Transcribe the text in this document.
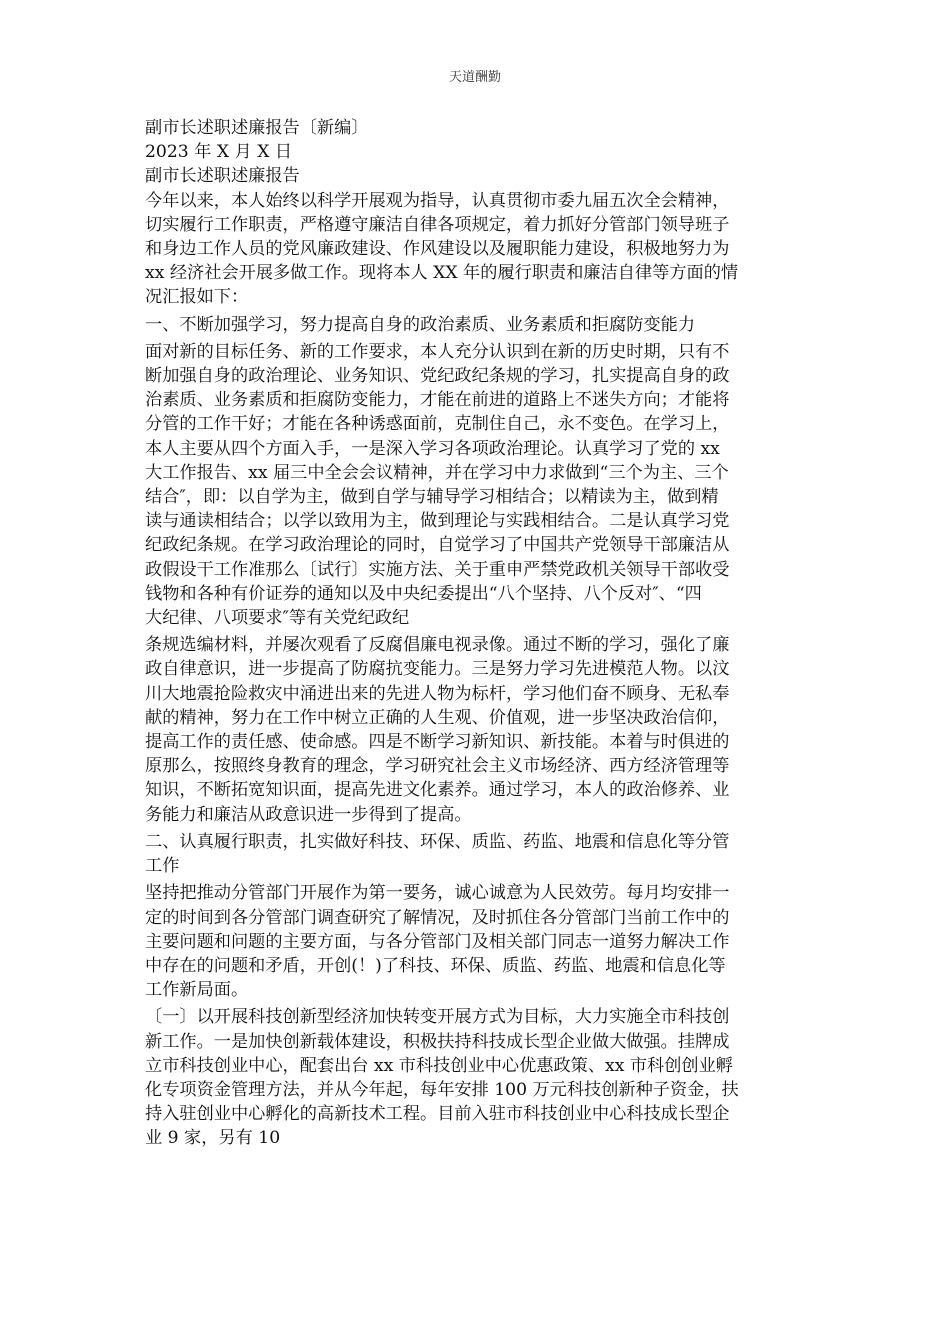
天道酬勤

副市长述职述廉报告〔新编〕

2023 年 X 月 X 日

副市长述职述廉报告

今年以来，本人始终以科学开展观为指导，认真贯彻市委九届五次全会精神，

切实履行工作职责，严格遵守廉洁自律各项规定，着力抓好分管部门领导班子

和身边工作人员的党风廉政建设、作风建设以及履职能力建设，积极地努力为

xx 经济社会开展多做工作。现将本人 XX 年的履行职责和廉洁自律等方面的情

况汇报如下：

一、不断加强学习，努力提高自身的政治素质、业务素质和拒腐防变能力

面对新的目标任务、新的工作要求，本人充分认识到在新的历史时期，只有不

断加强自身的政治理论、业务知识、党纪政纪条规的学习，扎实提高自身的政

治素质、业务素质和拒腐防变能力，才能在前进的道路上不迷失方向；才能将

分管的工作干好；才能在各种诱惑面前，克制住自己，永不变色。在学习上，

本人主要从四个方面入手，一是深入学习各项政治理论。认真学习了党的 xx

大工作报告、xx 届三中全会会议精神，并在学习中力求做到“三个为主、三个

结合″，即：以自学为主，做到自学与辅导学习相结合；以精读为主，做到精

读与通读相结合；以学以致用为主，做到理论与实践相结合。二是认真学习党

纪政纪条规。在学习政治理论的同时，自觉学习了中国共产党领导干部廉洁从

政假设干工作准那么〔试行〕实施方法、关于重申严禁党政机关领导干部收受

钱物和各种有价证券的通知以及中央纪委提出“八个坚持、八个反对″、“四

大纪律、八项要求″等有关党纪政纪

条规选编材料，并屡次观看了反腐倡廉电视录像。通过不断的学习，强化了廉

政自律意识，进一步提高了防腐抗变能力。三是努力学习先进模范人物。以汶

川大地震抢险救灾中涌进出来的先进人物为标杆，学习他们奋不顾身、无私奉

献的精神，努力在工作中树立正确的人生观、价值观，进一步坚决政治信仰，

提高工作的责任感、使命感。四是不断学习新知识、新技能。本着与时俱进的

原那么，按照终身教育的理念，学习研究社会主义市场经济、西方经济管理等

知识，不断拓宽知识面，提高先进文化素养。通过学习，本人的政治修养、业

务能力和廉洁从政意识进一步得到了提高。

二、认真履行职责，扎实做好科技、环保、质监、药监、地震和信息化等分管

工作

坚持把推动分管部门开展作为第一要务，诚心诚意为人民效劳。每月均安排一

定的时间到各分管部门调查研究了解情况，及时抓住各分管部门当前工作中的

主要问题和问题的主要方面，与各分管部门及相关部门同志一道努力解决工作

中存在的问题和矛盾，开创(！)了科技、环保、质监、药监、地震和信息化等

工作新局面。

〔一〕以开展科技创新型经济加快转变开展方式为目标，大力实施全市科技创

新工作。一是加快创新载体建设，积极扶持科技成长型企业做大做强。挂牌成

立市科技创业中心，配套出台 xx 市科技创业中心优惠政策、xx 市科创创业孵

化专项资金管理方法，并从今年起，每年安排 100 万元科技创新种子资金，扶

持入驻创业中心孵化的高新技术工程。目前入驻市科技创业中心科技成长型企

业 9 家，另有 10
